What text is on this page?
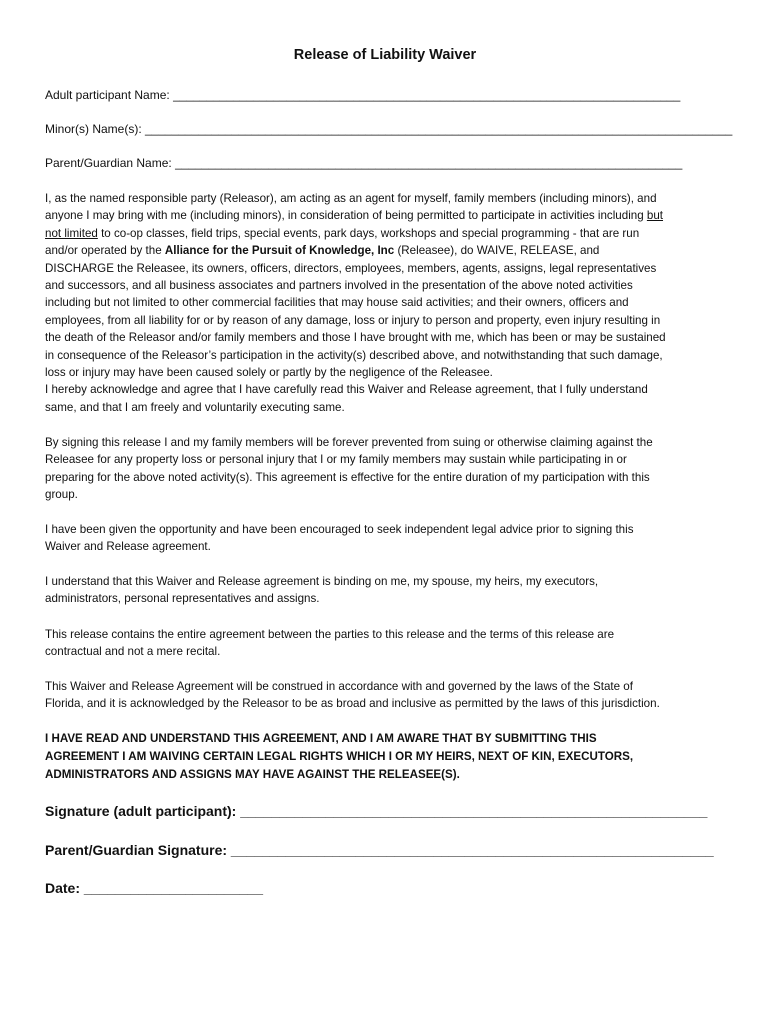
Release of Liability Waiver
Adult participant Name: ____________________________________________________________________________
Minor(s) Name(s): ________________________________________________________________________________________
Parent/Guardian Name: ____________________________________________________________________________
I, as the named responsible party (Releasor), am acting as an agent for myself, family members (including minors), and
anyone I may bring with me (including minors), in consideration of being permitted to participate in activities including but
not limited to co-op classes, field trips, special events, park days, workshops and special programming - that are run
and/or operated by the Alliance for the Pursuit of Knowledge, Inc (Releasee), do WAIVE, RELEASE, and
DISCHARGE the Releasee, its owners, officers, directors, employees, members, agents, assigns, legal representatives
and successors, and all business associates and partners involved in the presentation of the above noted activities
including but not limited to other commercial facilities that may house said activities; and their owners, officers and
employees, from all liability for or by reason of any damage, loss or injury to person and property, even injury resulting in
the death of the Releasor and/or family members and those I have brought with me, which has been or may be sustained
in consequence of the Releasor’s participation in the activity(s) described above, and notwithstanding that such damage,
loss or injury may have been caused solely or partly by the negligence of the Releasee.
I hereby acknowledge and agree that I have carefully read this Waiver and Release agreement, that I fully understand
same, and that I am freely and voluntarily executing same.
By signing this release I and my family members will be forever prevented from suing or otherwise claiming against the
Releasee for any property loss or personal injury that I or my family members may sustain while participating in or
preparing for the above noted activity(s). This agreement is effective for the entire duration of my participation with this
group.
I have been given the opportunity and have been encouraged to seek independent legal advice prior to signing this
Waiver and Release agreement.
I understand that this Waiver and Release agreement is binding on me, my spouse, my heirs, my executors,
administrators, personal representatives and assigns.
This release contains the entire agreement between the parties to this release and the terms of this release are
contractual and not a mere recital.
This Waiver and Release Agreement will be construed in accordance with and governed by the laws of the State of
Florida, and it is acknowledged by the Releasor to be as broad and inclusive as permitted by the laws of this jurisdiction.
I HAVE READ AND UNDERSTAND THIS AGREEMENT, AND I AM AWARE THAT BY SUBMITTING THIS
AGREEMENT I AM WAIVING CERTAIN LEGAL RIGHTS WHICH I OR MY HEIRS, NEXT OF KIN, EXECUTORS,
ADMINISTRATORS AND ASSIGNS MAY HAVE AGAINST THE RELEASEE(S).
Signature (adult participant): ____________________________________________________________
Parent/Guardian Signature: ______________________________________________________________
Date: _______________________
